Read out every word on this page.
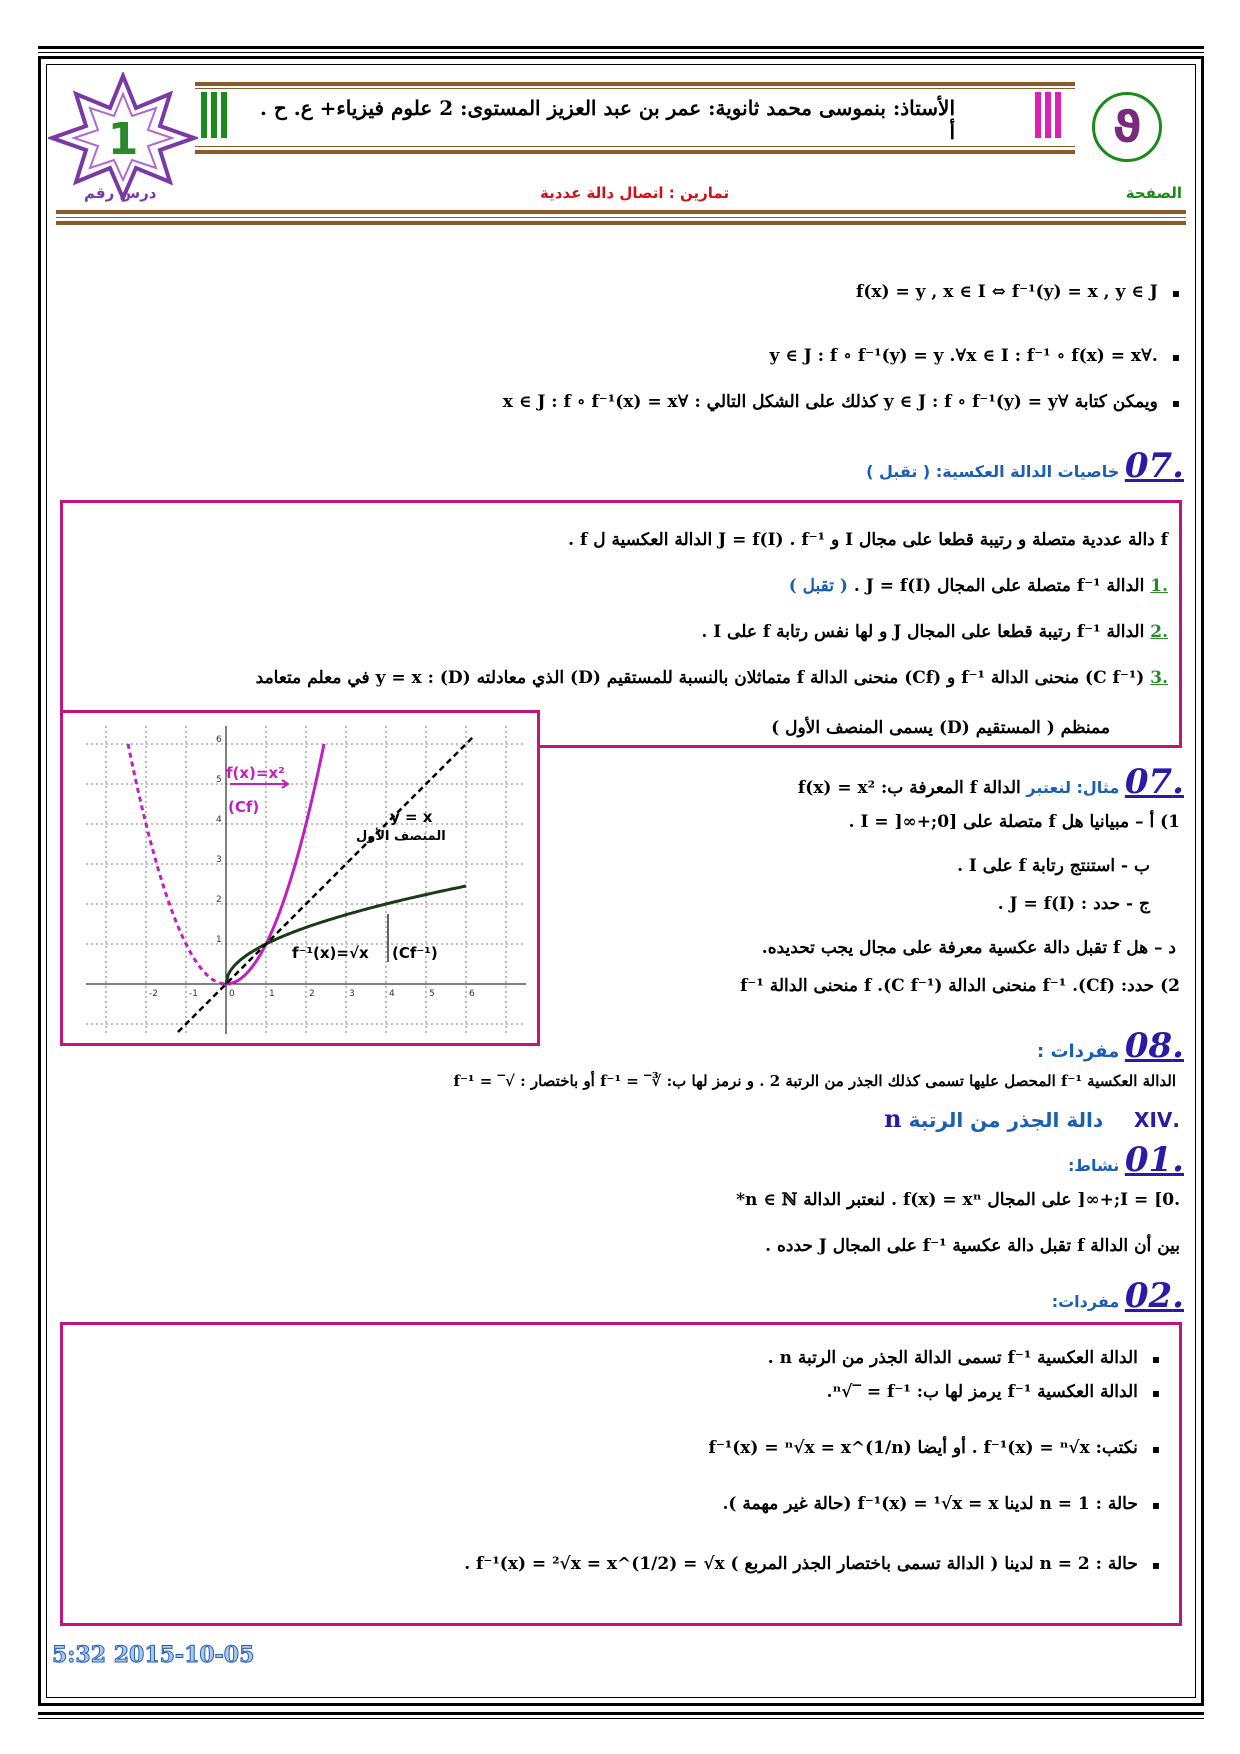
1
الأستاذ: بنموسى محمد ثانوية: عمر بن عبد العزيز المستوى: 2 علوم فيزياء+ ع. ح . أ	ϑ
الصفحة
تمارين : اتصال دالة عددية
درس رقم
▪ f(x) = y , x ∈ I ⇔ f⁻¹(y) = x , y ∈ J
▪ .∀y ∈ J : f ∘ f⁻¹(y) = y .∀x ∈ I : f⁻¹ ∘ f(x) = x
▪ ويمكن كتابة ∀y ∈ J : f ∘ f⁻¹(y) = y كذلك على الشكل التالي : ∀x ∈ J : f ∘ f⁻¹(x) = x
.07 خاصيات الدالة العكسية: ( تقبل )
f دالة عددية متصلة و رتيبة قطعا على مجال I و J = f(I) . f⁻¹ الدالة العكسية ل f .
.1 الدالة f⁻¹ متصلة على المجال J = f(I) . ( تقبل )
.2 الدالة f⁻¹ رتيبة قطعا على المجال J و لها نفس رتابة f على I .
.3 (C f⁻¹) منحنى الدالة f⁻¹ و (Cf) منحنى الدالة f متماثلان بالنسبة للمستقيم (D) الذي معادلته (D) : y = x في معلم متعامد
ممنظم ( المستقيم (D) يسمى المنصف الأول )
-2	-1	0	1	2	3	4	5	6
1
2
3
4
5
6
f(x)=x²
(Cf)
y = x
المنصف الأول
f⁻¹(x)=√x (Cf⁻¹)
.07 مثال: لنعتبر الدالة f المعرفة ب: f(x) = x²
1) أ – مبيانيا هل f متصلة على [0;+∞[ = I .
ب - استنتج رتابة f على I .
ج - حدد : J = f(I) .
د – هل f تقبل دالة عكسية معرفة على مجال يجب تحديده.
2) حدد: f⁻¹ .(Cf) منحنى الدالة f .(C f⁻¹) منحنى الدالة f⁻¹
.08 مفردات :
الدالة العكسية f⁻¹ المحصل عليها تسمى كذلك الجذر من الرتبة 2 . و نرمز لها ب: ∛‾ = f⁻¹ أو باختصار : √‾ = f⁻¹
.XIV دالة الجذر من الرتبة n
.01 نشاط:
.I = [0;+∞[ على المجال f(x) = xⁿ . لنعتبر الدالة n ∈ ℕ*
بين أن الدالة f تقبل دالة عكسية f⁻¹ على المجال J حدده .
.02 مفردات:
▪ الدالة العكسية f⁻¹ تسمى الدالة الجذر من الرتبة n .
▪ الدالة العكسية f⁻¹ يرمز لها ب: ⁿ√‾ = f⁻¹.
▪ نكتب: f⁻¹(x) = ⁿ√x . أو أيضا f⁻¹(x) = ⁿ√x = x^(1/n)
▪ حالة : n = 1 لدينا f⁻¹(x) = ¹√x = x (حالة غير مهمة ).
▪ حالة : n = 2 لدينا ( الدالة تسمى باختصار الجذر المربع ) f⁻¹(x) = ²√x = x^(1/2) = √x .
5:32 2015-10-05
